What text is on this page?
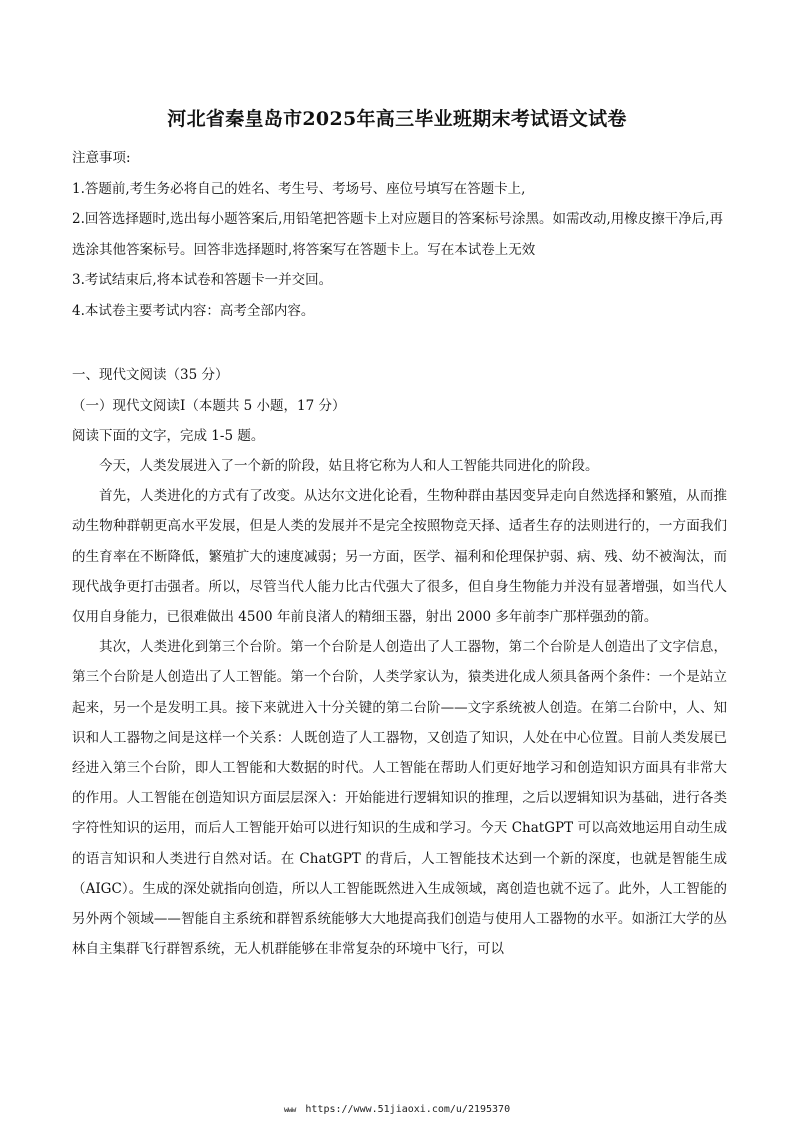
河北省秦皇岛市2025年高三毕业班期末考试语文试卷

注意事项:

1.答题前,考生务必将自己的姓名、考生号、考场号、座位号填写在答题卡上,

2.回答选择题时,选出每小题答案后,用铅笔把答题卡上对应题目的答案标号涂黑。如需改动,用橡皮擦干净后,再选涂其他答案标号。回答非选择题时,将答案写在答题卡上。写在本试卷上无效

3.考试结束后,将本试卷和答题卡一并交回。

4.本试卷主要考试内容：高考全部内容。

一、现代文阅读（35 分）

（一）现代文阅读Ⅰ（本题共 5 小题，17 分）

阅读下面的文字，完成 1-5 题。

今天，人类发展进入了一个新的阶段，姑且将它称为人和人工智能共同进化的阶段。

首先，人类进化的方式有了改变。从达尔文进化论看，生物种群由基因变异走向自然选择和繁殖，从而推动生物种群朝更高水平发展，但是人类的发展并不是完全按照物竞天择、适者生存的法则进行的，一方面我们的生育率在不断降低，繁殖扩大的速度减弱；另一方面，医学、福利和伦理保护弱、病、残、幼不被淘汰，而现代战争更打击强者。所以，尽管当代人能力比古代强大了很多，但自身生物能力并没有显著增强，如当代人仅用自身能力，已很难做出 4500 年前良渚人的精细玉器，射出 2000 多年前李广那样强劲的箭。

其次，人类进化到第三个台阶。第一个台阶是人创造出了人工器物，第二个台阶是人创造出了文字信息，第三个台阶是人创造出了人工智能。第一个台阶，人类学家认为，猿类进化成人须具备两个条件：一个是站立起来，另一个是发明工具。接下来就进入十分关键的第二台阶——文字系统被人创造。在第二台阶中，人、知识和人工器物之间是这样一个关系：人既创造了人工器物，又创造了知识，人处在中心位置。目前人类发展已经进入第三个台阶，即人工智能和大数据的时代。人工智能在帮助人们更好地学习和创造知识方面具有非常大的作用。人工智能在创造知识方面层层深入：开始能进行逻辑知识的推理，之后以逻辑知识为基础，进行各类字符性知识的运用，而后人工智能开始可以进行知识的生成和学习。今天 ChatGPT 可以高效地运用自动生成的语言知识和人类进行自然对话。在 ChatGPT 的背后，人工智能技术达到一个新的深度，也就是智能生成（AIGC）。生成的深处就指向创造，所以人工智能既然进入生成领域，离创造也就不远了。此外，人工智能的另外两个领域——智能自主系统和群智系统能够大大地提高我们创造与使用人工器物的水平。如浙江大学的丛林自主集群飞行群智系统，无人机群能够在非常复杂的环境中飞行，可以

www https://www.51jiaoxi.com/u/2195370
